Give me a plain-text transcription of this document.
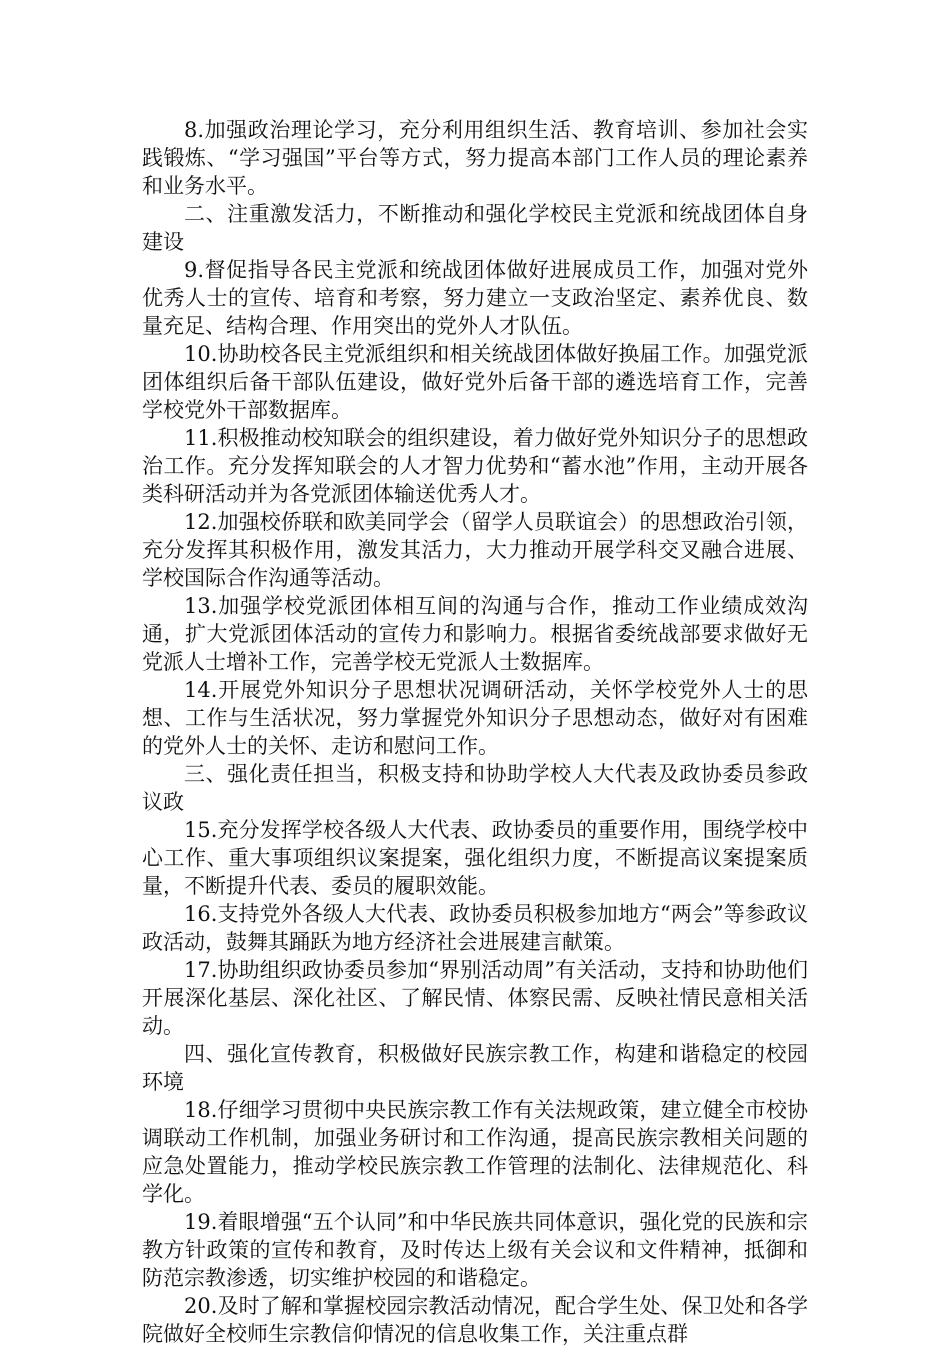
8.加强政治理论学习，充分利用组织生活、教育培训、参加社会实践锻炼、“学习强国”平台等方式，努力提高本部门工作人员的理论素养和业务水平。

二、注重激发活力，不断推动和强化学校民主党派和统战团体自身建设

9.督促指导各民主党派和统战团体做好进展成员工作，加强对党外优秀人士的宣传、培育和考察，努力建立一支政治坚定、素养优良、数量充足、结构合理、作用突出的党外人才队伍。

10.协助校各民主党派组织和相关统战团体做好换届工作。加强党派团体组织后备干部队伍建设，做好党外后备干部的遴选培育工作，完善学校党外干部数据库。

11.积极推动校知联会的组织建设，着力做好党外知识分子的思想政治工作。充分发挥知联会的人才智力优势和“蓄水池”作用，主动开展各类科研活动并为各党派团体输送优秀人才。

12.加强校侨联和欧美同学会（留学人员联谊会）的思想政治引领，充分发挥其积极作用，激发其活力，大力推动开展学科交叉融合进展、学校国际合作沟通等活动。

13.加强学校党派团体相互间的沟通与合作，推动工作业绩成效沟通，扩大党派团体活动的宣传力和影响力。根据省委统战部要求做好无党派人士增补工作，完善学校无党派人士数据库。

14.开展党外知识分子思想状况调研活动，关怀学校党外人士的思想、工作与生活状况，努力掌握党外知识分子思想动态，做好对有困难的党外人士的关怀、走访和慰问工作。

三、强化责任担当，积极支持和协助学校人大代表及政协委员参政议政

15.充分发挥学校各级人大代表、政协委员的重要作用，围绕学校中心工作、重大事项组织议案提案，强化组织力度，不断提高议案提案质量，不断提升代表、委员的履职效能。

16.支持党外各级人大代表、政协委员积极参加地方“两会”等参政议政活动，鼓舞其踊跃为地方经济社会进展建言献策。

17.协助组织政协委员参加“界别活动周”有关活动，支持和协助他们开展深化基层、深化社区、了解民情、体察民需、反映社情民意相关活动。

四、强化宣传教育，积极做好民族宗教工作，构建和谐稳定的校园环境

18.仔细学习贯彻中央民族宗教工作有关法规政策，建立健全市校协调联动工作机制，加强业务研讨和工作沟通，提高民族宗教相关问题的应急处置能力，推动学校民族宗教工作管理的法制化、法律规范化、科学化。

19.着眼增强“五个认同”和中华民族共同体意识，强化党的民族和宗教方针政策的宣传和教育，及时传达上级有关会议和文件精神，抵御和防范宗教渗透，切实维护校园的和谐稳定。

20.及时了解和掌握校园宗教活动情况，配合学生处、保卫处和各学院做好全校师生宗教信仰情况的信息收集工作，关注重点群
